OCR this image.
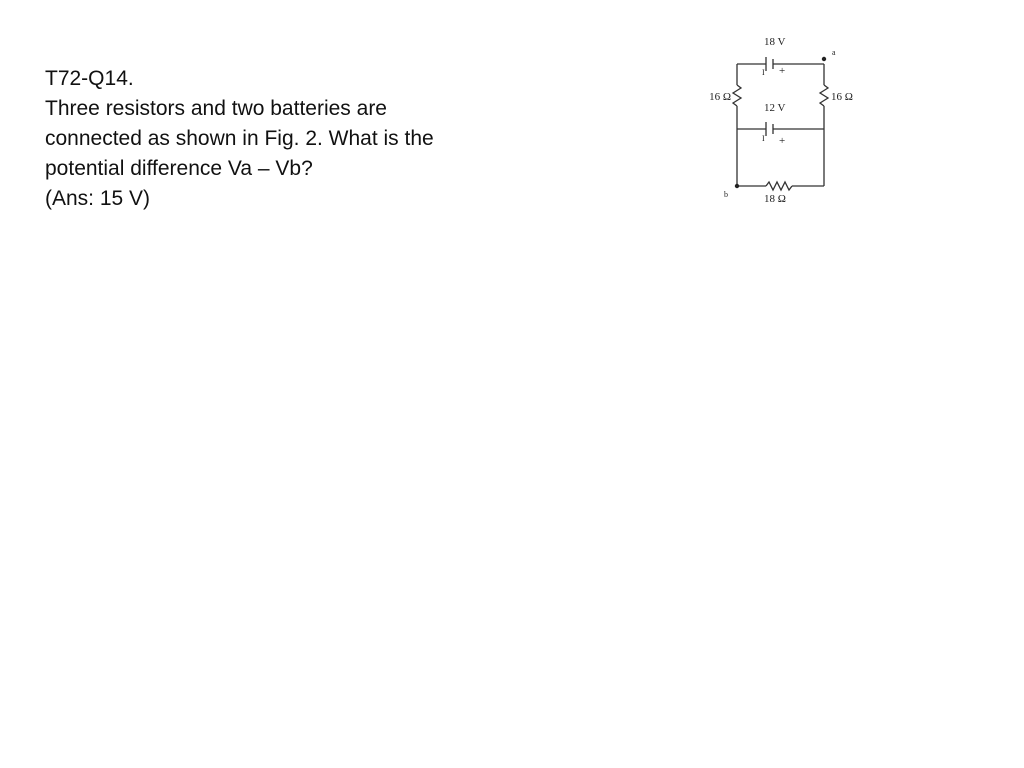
T72-Q14.
Three resistors and two batteries are
connected as shown in Fig. 2. What is the
potential difference Va – Vb?
(Ans: 15 V)
18 V
I +
12 V
I +
16 Ω	16 Ω
18 Ω
a
b
